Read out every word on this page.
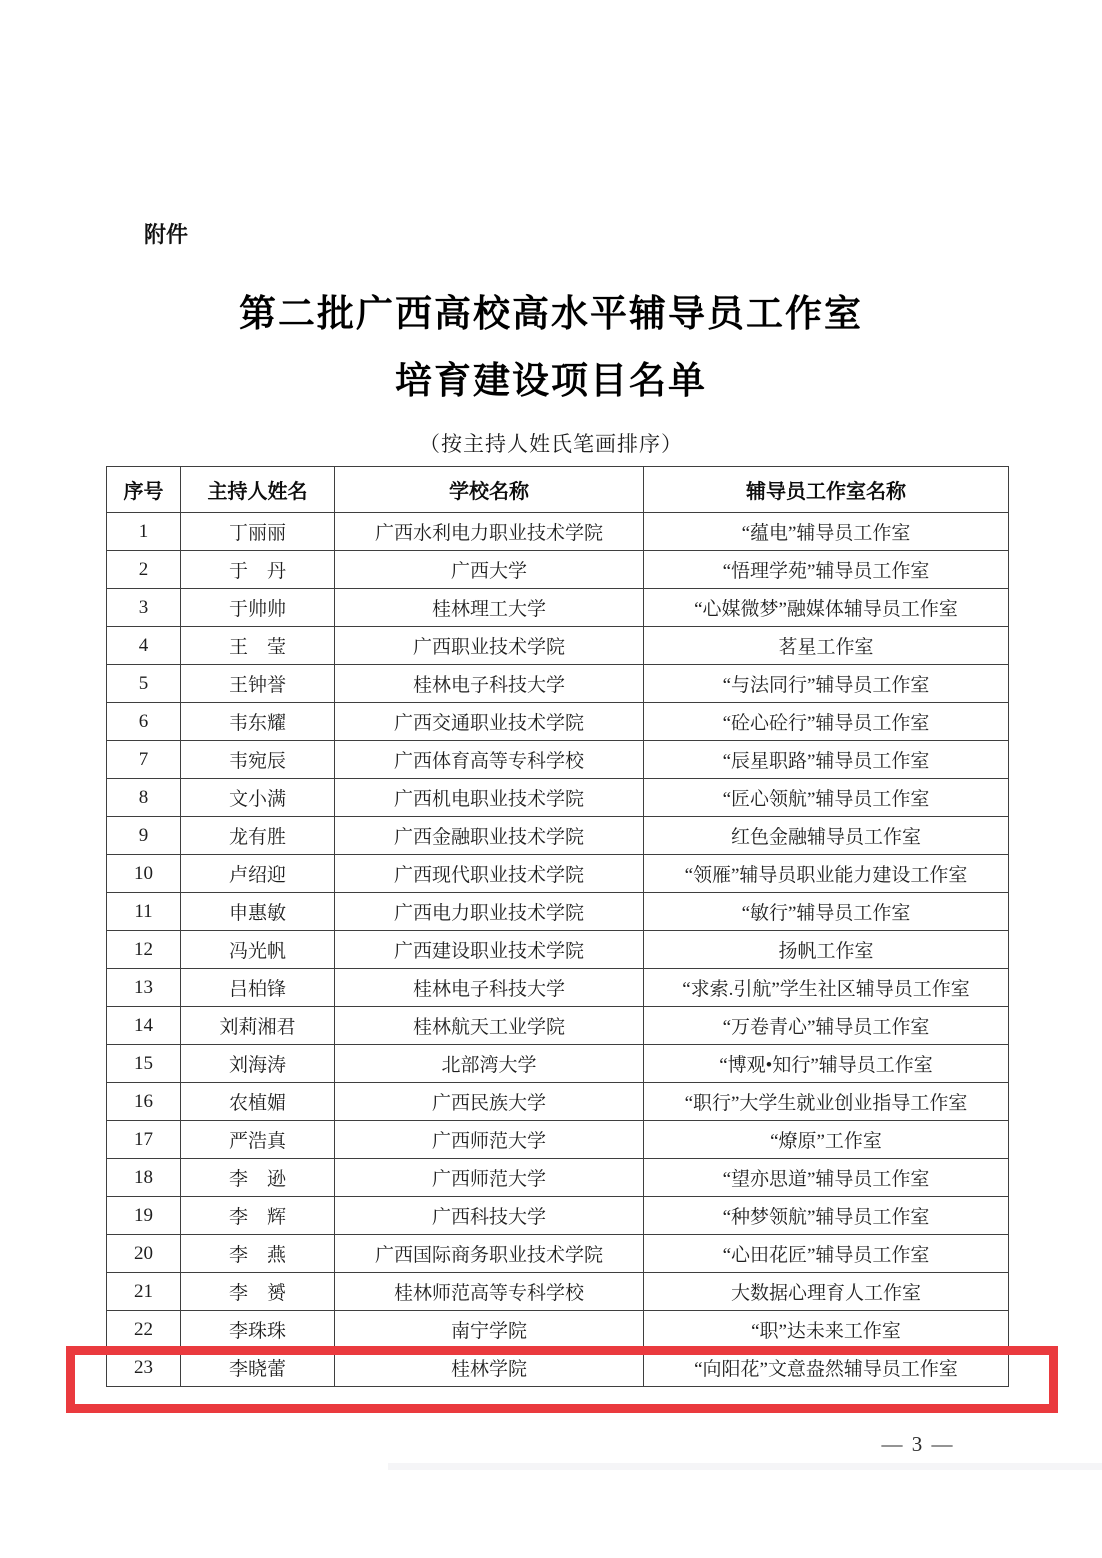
附件
第二批广西高校高水平辅导员工作室
培育建设项目名单
（按主持人姓氏笔画排序）
序号	主持人姓名	学校名称	辅导员工作室名称
1	丁丽丽	广西水利电力职业技术学院	“蕴电”辅导员工作室
2	于　丹	广西大学	“悟理学苑”辅导员工作室
3	于帅帅	桂林理工大学	“心媒微梦”融媒体辅导员工作室
4	王　莹	广西职业技术学院	茗星工作室
5	王钟誉	桂林电子科技大学	“与法同行”辅导员工作室
6	韦东耀	广西交通职业技术学院	“砼心砼行”辅导员工作室
7	韦宛辰	广西体育高等专科学校	“辰星职路”辅导员工作室
8	文小满	广西机电职业技术学院	“匠心领航”辅导员工作室
9	龙有胜	广西金融职业技术学院	红色金融辅导员工作室
10	卢绍迎	广西现代职业技术学院	“领雁”辅导员职业能力建设工作室
11	申惠敏	广西电力职业技术学院	“敏行”辅导员工作室
12	冯光帆	广西建设职业技术学院	扬帆工作室
13	吕柏锋	桂林电子科技大学	“求索.引航”学生社区辅导员工作室
14	刘莉湘君	桂林航天工业学院	“万卷青心”辅导员工作室
15	刘海涛	北部湾大学	“博观•知行”辅导员工作室
16	农植媚	广西民族大学	“职行”大学生就业创业指导工作室
17	严浩真	广西师范大学	“燎原”工作室
18	李　逊	广西师范大学	“望亦思道”辅导员工作室
19	李　辉	广西科技大学	“种梦领航”辅导员工作室
20	李　燕	广西国际商务职业技术学院	“心田花匠”辅导员工作室
21	李　赟	桂林师范高等专科学校	大数据心理育人工作室
22	李珠珠	南宁学院	“职”达未来工作室
23	李晓蕾	桂林学院	“向阳花”文意盎然辅导员工作室
— 3 —
